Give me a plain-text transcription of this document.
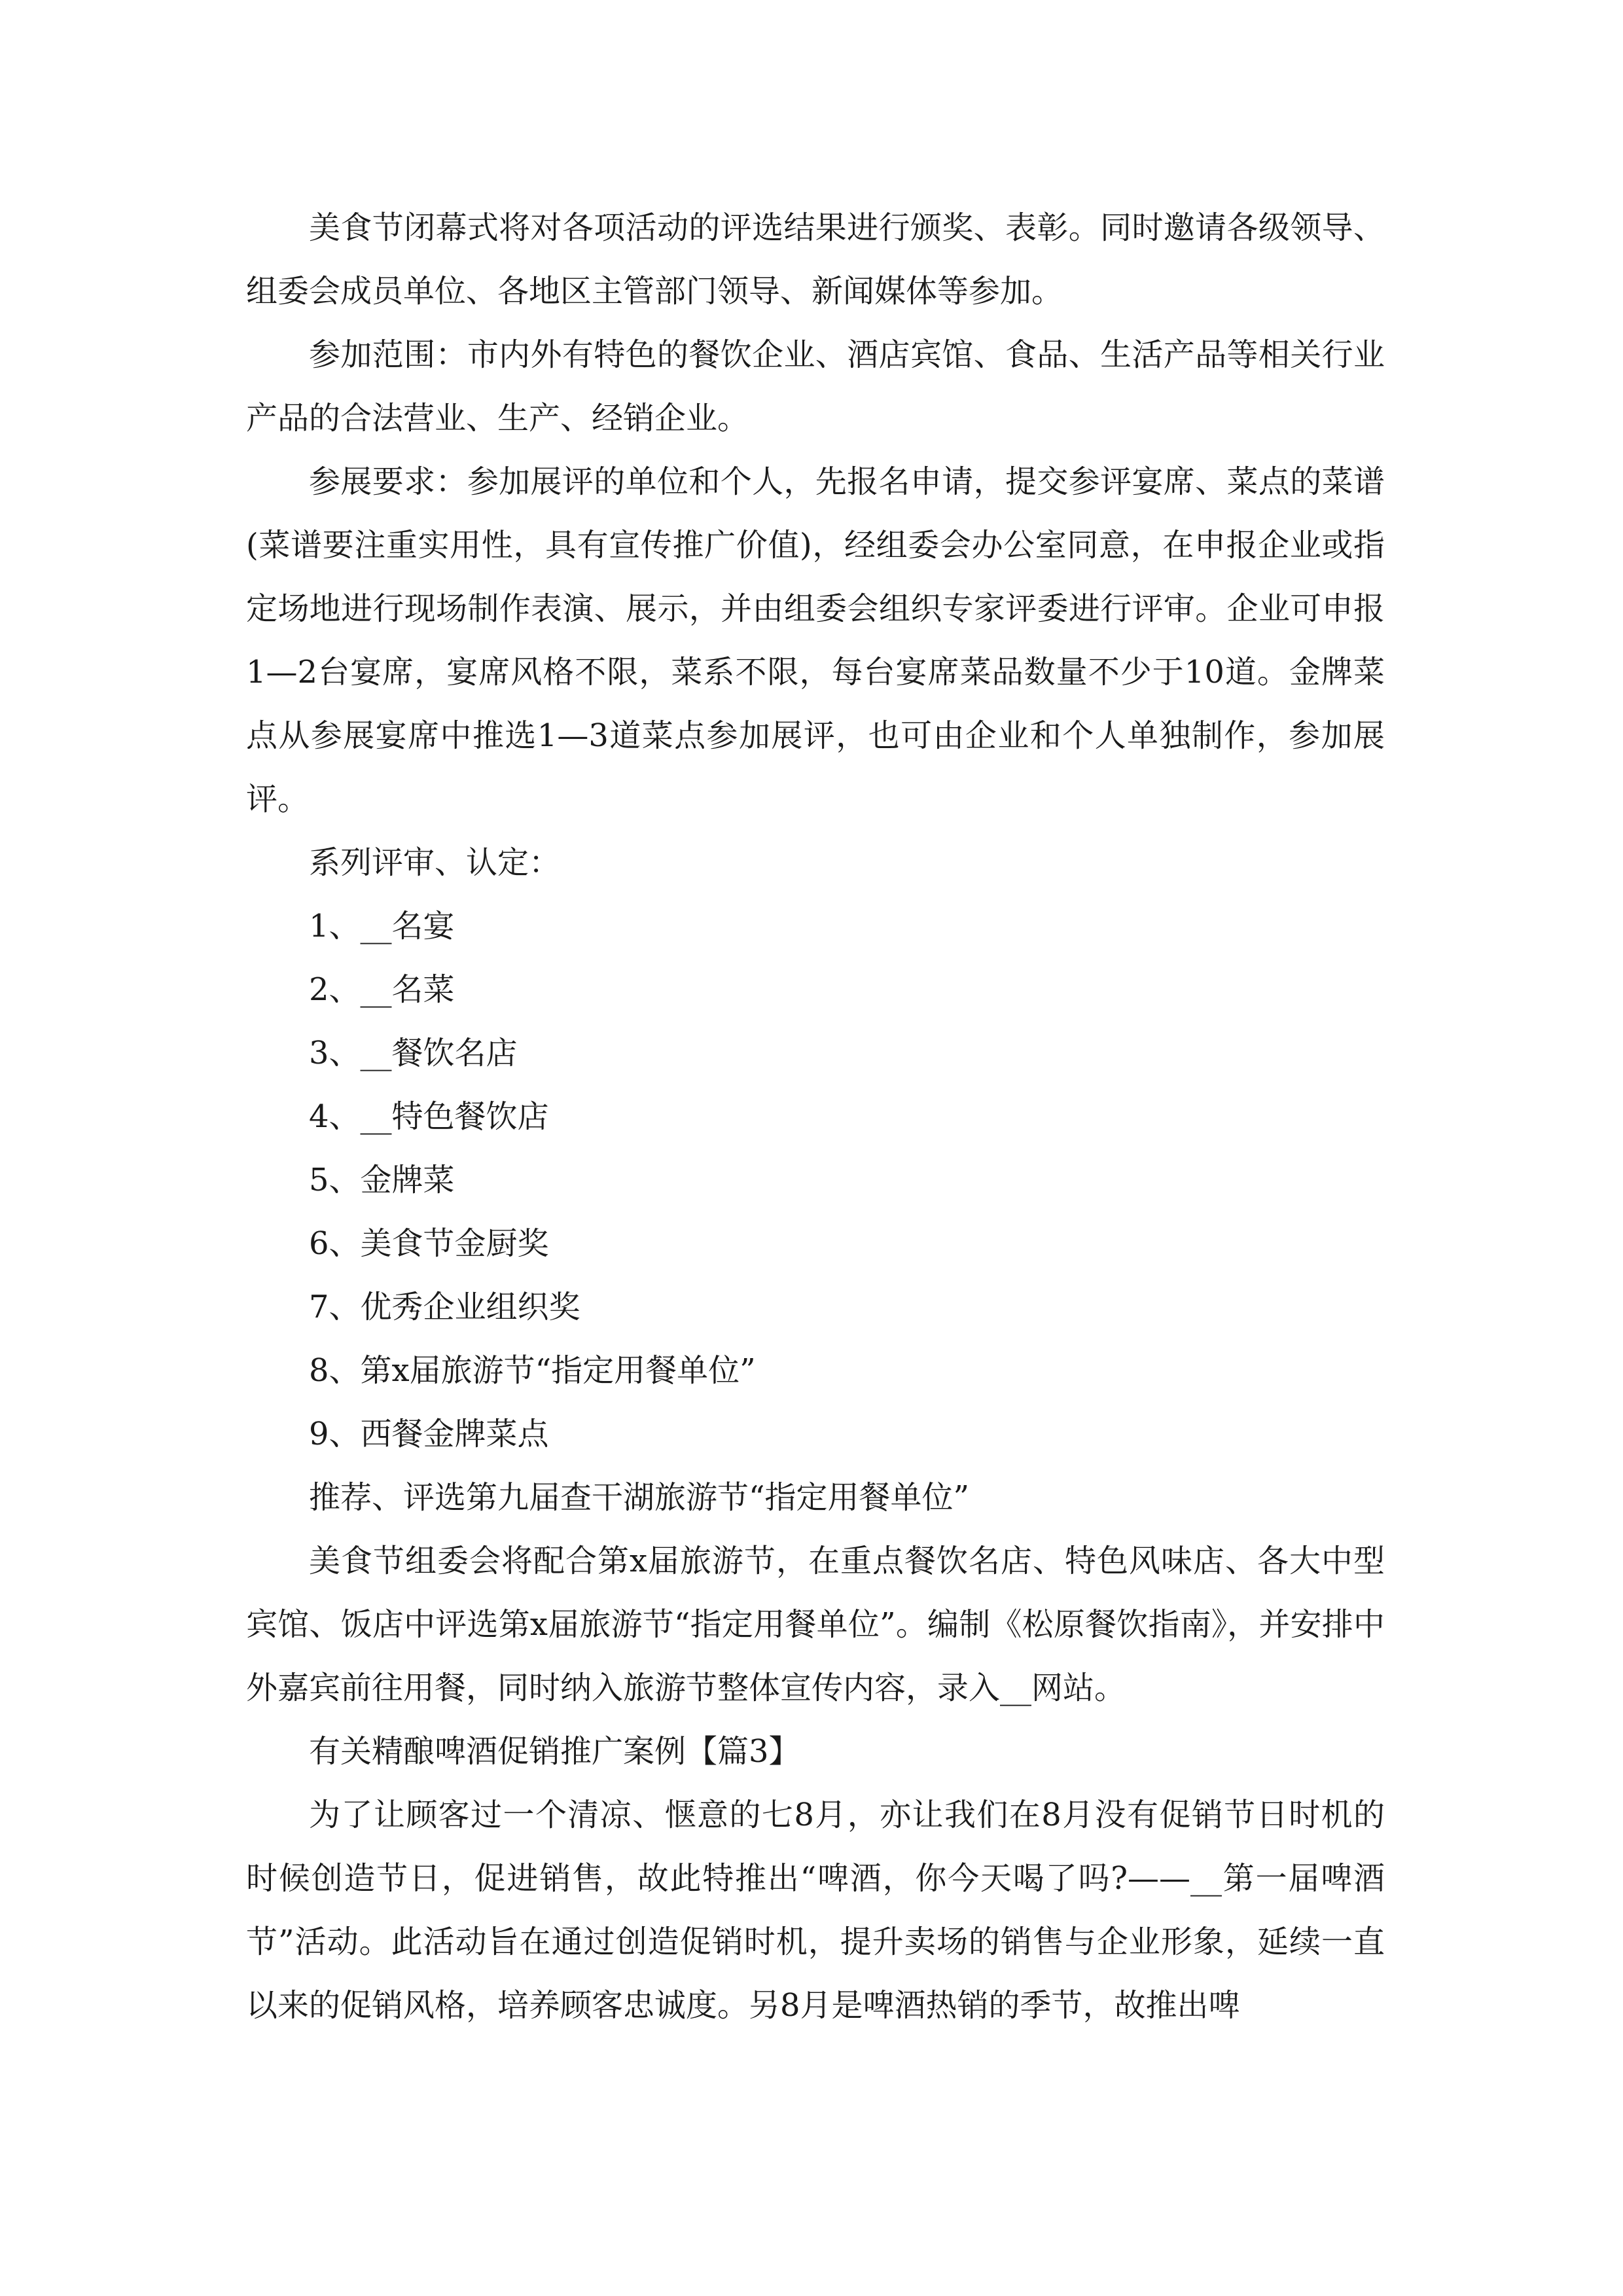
美食节闭幕式将对各项活动的评选结果进行颁奖、表彰。同时邀请各级领导、组委会成员单位、各地区主管部门领导、新闻媒体等参加。

参加范围：市内外有特色的餐饮企业、酒店宾馆、食品、生活产品等相关行业产品的合法营业、生产、经销企业。

参展要求：参加展评的单位和个人，先报名申请，提交参评宴席、菜点的菜谱(菜谱要注重实用性，具有宣传推广价值)，经组委会办公室同意，在申报企业或指定场地进行现场制作表演、展示，并由组委会组织专家评委进行评审。企业可申报1—2台宴席，宴席风格不限，菜系不限，每台宴席菜品数量不少于10道。金牌菜点从参展宴席中推选1—3道菜点参加展评，也可由企业和个人单独制作，参加展评。

系列评审、认定：

1、__名宴

2、__名菜

3、__餐饮名店

4、__特色餐饮店

5、金牌菜

6、美食节金厨奖

7、优秀企业组织奖

8、第x届旅游节“指定用餐单位”

9、西餐金牌菜点

推荐、评选第九届查干湖旅游节“指定用餐单位”

美食节组委会将配合第x届旅游节，在重点餐饮名店、特色风味店、各大中型宾馆、饭店中评选第x届旅游节“指定用餐单位”。编制《松原餐饮指南》，并安排中外嘉宾前往用餐，同时纳入旅游节整体宣传内容，录入__网站。

有关精酿啤酒促销推广案例【篇3】

为了让顾客过一个清凉、惬意的七8月，亦让我们在8月没有促销节日时机的时候创造节日，促进销售，故此特推出“啤酒，你今天喝了吗?——__第一届啤酒节”活动。此活动旨在通过创造促销时机，提升卖场的销售与企业形象，延续一直以来的促销风格，培养顾客忠诚度。另8月是啤酒热销的季节，故推出啤
